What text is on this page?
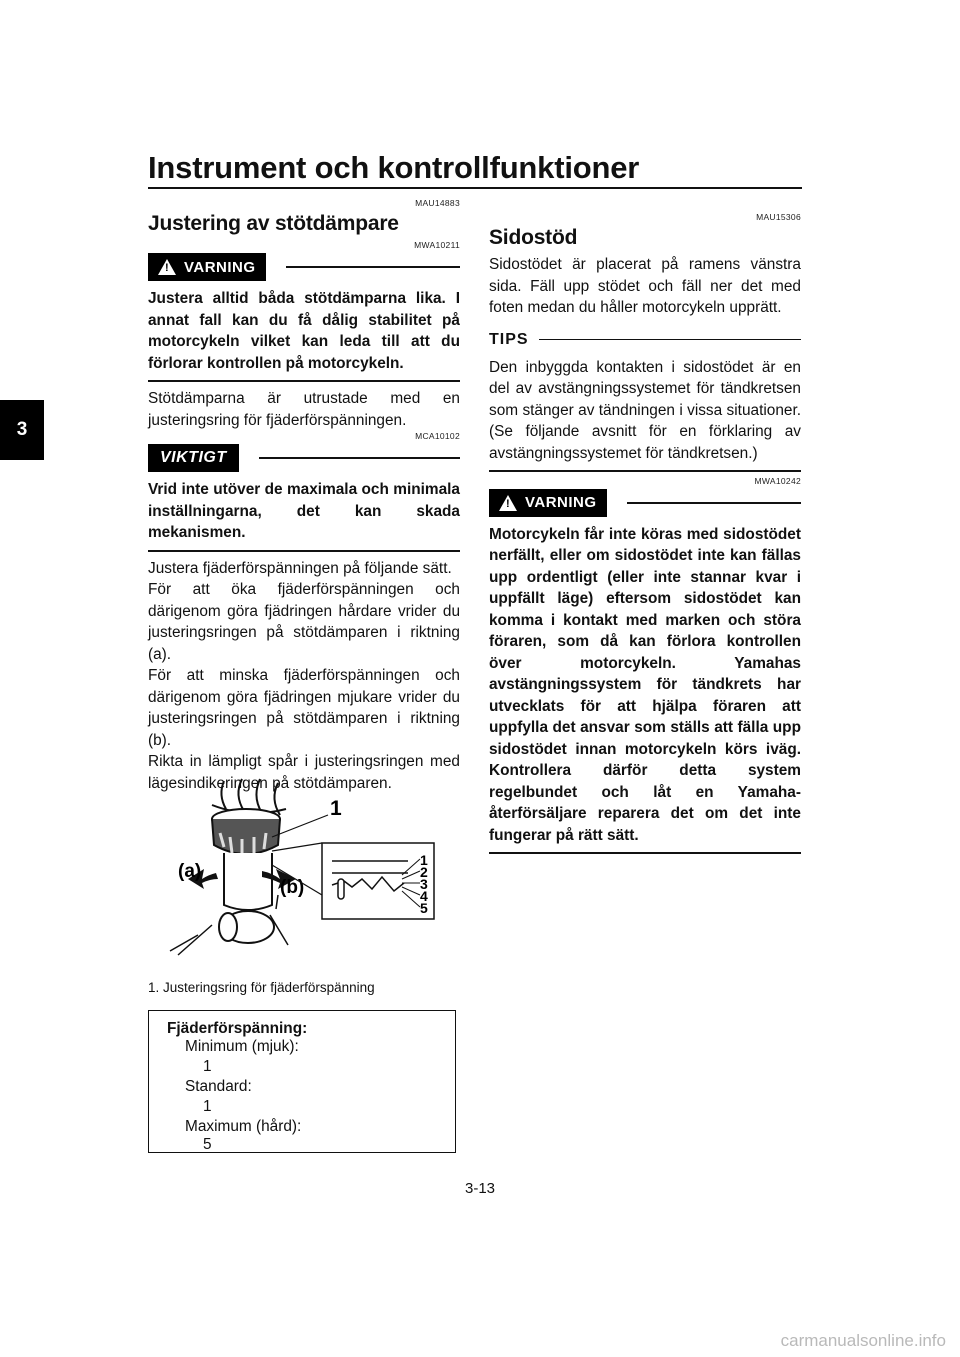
Instrument och kontrollfunktioner
3
MAU14883
Justering av stötdämpare
MWA10211
! VARNING

Justera alltid båda stötdämparna lika. I annat fall kan du få dålig stabilitet på motorcykeln vilket kan leda till att du förlorar kontrollen på motorcykeln.

Stötdämparna är utrustade med en justeringsring för fjäderförspänningen.

MCA10102
VIKTIGT

Vrid inte utöver de maximala och minimala inställningarna, det kan skada mekanismen.

Justera fjäderförspänningen på följande sätt.

För att öka fjäderförspänningen och därigenom göra fjädringen hårdare vrider du justeringsringen på stötdämparen i riktning (a).

För att minska fjäderförspänningen och därigenom göra fjädringen mjukare vrider du justeringsringen på stötdämparen i riktning (b).

Rikta in lämpligt spår i justeringsringen med lägesindikeringen på stötdämparen.

(a)
(b)
1
1
2
3
4
5
1. Justeringsring för fjäderförspänning
Fjäderförspänning:
Minimum (mjuk):
1
Standard:
1
Maximum (hård):
5
MAU15306
Sidostöd

Sidostödet är placerat på ramens vänstra sida. Fäll upp stödet och fäll ner det med foten medan du håller motorcykeln upprätt.

TIPS

Den inbyggda kontakten i sidostödet är en del av avstängningssystemet för tändkretsen som stänger av tändningen i vissa situationer. (Se följande avsnitt för en förklaring av avstängningssystemet för tändkretsen.)

MWA10242
! VARNING

Motorcykeln får inte köras med sidostödet nerfällt, eller om sidostödet inte kan fällas upp ordentligt (eller inte stannar kvar i uppfällt läge) eftersom sidostödet kan komma i kontakt med marken och störa föraren, som då kan förlora kontrollen över motorcykeln. Yamahas avstängningssystem för tändkrets har utvecklats för att hjälpa föraren att uppfylla det ansvar som ställs att fälla upp sidostödet innan motorcykeln körs iväg. Kontrollera därför detta system regelbundet och låt en Yamaha-återförsäljare reparera det om det inte fungerar på rätt sätt.

3-13
carmanualsonline.info
